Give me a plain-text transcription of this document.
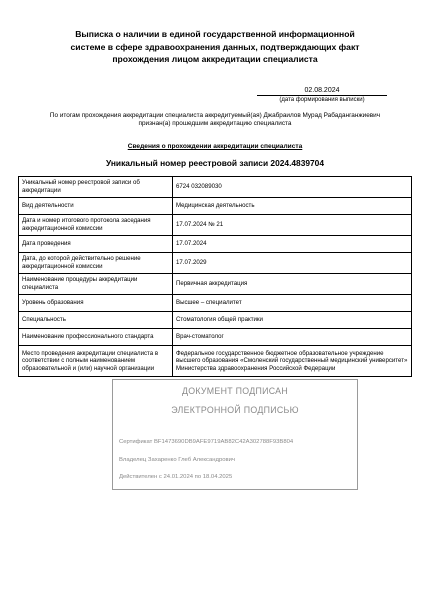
Выписка о наличии в единой государственной информационной
системе в сфере здравоохранения данных, подтверждающих факт
прохождения лицом аккредитации специалиста
02.08.2024
(дата формирования выписки)
По итогам прохождения аккредитации специалиста аккредитуемый(ая) Джабраилов Мурад Рабаданганжиевич
признан(а) прошедшим аккредитацию специалиста
Сведения о прохождении аккредитации специалиста
Уникальный номер реестровой записи 2024.4839704
Уникальный номер реестровой записи об аккредитации	6724 032089030
Вид деятельности	Медицинская деятельность
Дата и номер итогового протокола заседания аккредитационной комиссии	17.07.2024 № 21
Дата проведения	17.07.2024
Дата, до которой действительно решение аккредитационной комиссии	17.07.2029
Наименование процедуры аккредитации специалиста	Первичная аккредитация
Уровень образования	Высшее – специалитет
Специальность	Стоматология общей практики
Наименование профессионального стандарта	Врач-стоматолог
Место проведения аккредитации специалиста в соответствии с полным наименованием образовательной и (или) научной организации	Федеральное государственное бюджетное образовательное учреждение высшего образования «Смоленский государственный медицинский университет» Министерства здравоохранения Российской Федерации
ДОКУМЕНТ ПОДПИСАН
ЭЛЕКТРОННОЙ ПОДПИСЬЮ
Сертификат BF1473690DB9AFE9719AB82C42A302788F93B804
Владелец Захаренко Глеб Александрович
Действителен с 24.01.2024 по 18.04.2025
